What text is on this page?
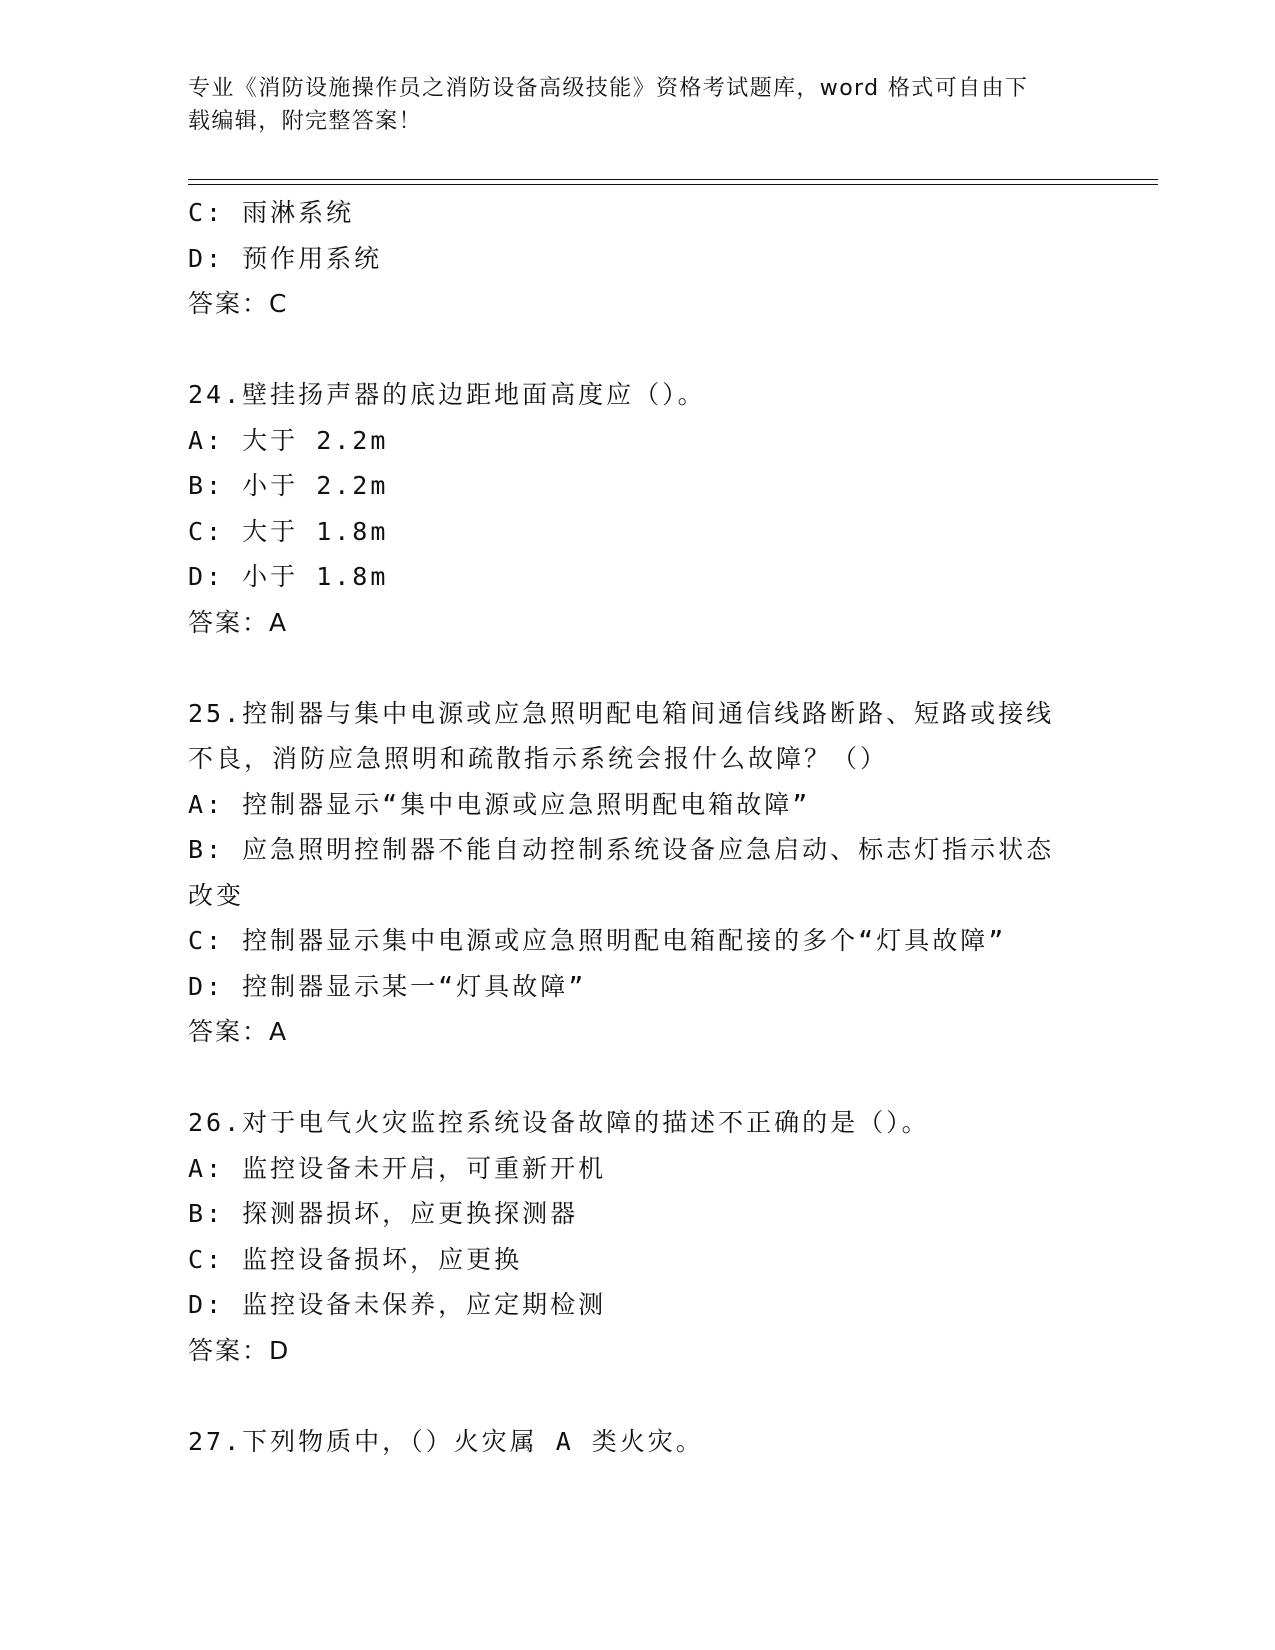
专业《消防设施操作员之消防设备高级技能》资格考试题库，word 格式可自由下
载编辑，附完整答案！
C: 雨淋系统
D: 预作用系统
答案：C
24.壁挂扬声器的底边距地面高度应（）。
A: 大于 2.2m
B: 小于 2.2m
C: 大于 1.8m
D: 小于 1.8m
答案：A
25.控制器与集中电源或应急照明配电箱间通信线路断路、短路或接线
不良，消防应急照明和疏散指示系统会报什么故障？（）
A: 控制器显示“集中电源或应急照明配电箱故障”
B: 应急照明控制器不能自动控制系统设备应急启动、标志灯指示状态
改变
C: 控制器显示集中电源或应急照明配电箱配接的多个“灯具故障”
D: 控制器显示某一“灯具故障”
答案：A
26.对于电气火灾监控系统设备故障的描述不正确的是（）。
A: 监控设备未开启，可重新开机
B: 探测器损坏，应更换探测器
C: 监控设备损坏，应更换
D: 监控设备未保养，应定期检测
答案：D
27.下列物质中，（）火灾属 A 类火灾。
